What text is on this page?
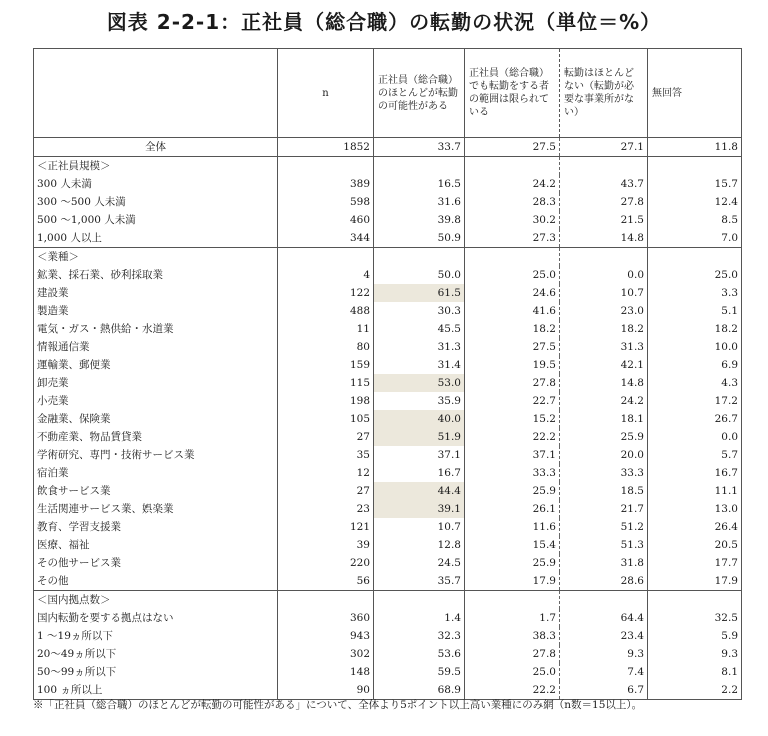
図表 2-2-1：正社員（総合職）の転勤の状況（単位＝%）
	n	正社員（総合職）のほとんどが転勤の可能性がある	正社員（総合職）でも転勤をする者の範囲は限られている	転勤はほとんどない（転勤が必要な事業所がない）	無回答
全体	1852	33.7	27.5	27.1	11.8
＜正社員規模＞					
300 人未満	389	16.5	24.2	43.7	15.7
300 ～500 人未満	598	31.6	28.3	27.8	12.4
500 ～1,000 人未満	460	39.8	30.2	21.5	8.5
1,000 人以上	344	50.9	27.3	14.8	7.0
＜業種＞					
鉱業、採石業、砂利採取業	4	50.0	25.0	0.0	25.0
建設業	122	61.5	24.6	10.7	3.3
製造業	488	30.3	41.6	23.0	5.1
電気・ガス・熱供給・水道業	11	45.5	18.2	18.2	18.2
情報通信業	80	31.3	27.5	31.3	10.0
運輸業、郵便業	159	31.4	19.5	42.1	6.9
卸売業	115	53.0	27.8	14.8	4.3
小売業	198	35.9	22.7	24.2	17.2
金融業、保険業	105	40.0	15.2	18.1	26.7
不動産業、物品賃貸業	27	51.9	22.2	25.9	0.0
学術研究、専門・技術サービス業	35	37.1	37.1	20.0	5.7
宿泊業	12	16.7	33.3	33.3	16.7
飲食サービス業	27	44.4	25.9	18.5	11.1
生活関連サービス業、娯楽業	23	39.1	26.1	21.7	13.0
教育、学習支援業	121	10.7	11.6	51.2	26.4
医療、福祉	39	12.8	15.4	51.3	20.5
その他サービス業	220	24.5	25.9	31.8	17.7
その他	56	35.7	17.9	28.6	17.9
＜国内拠点数＞					
国内転勤を要する拠点はない	360	1.4	1.7	64.4	32.5
1 ～19ヵ所以下	943	32.3	38.3	23.4	5.9
20～49ヵ所以下	302	53.6	27.8	9.3	9.3
50～99ヵ所以下	148	59.5	25.0	7.4	8.1
100 ヵ所以上	90	68.9	22.2	6.7	2.2
※「正社員（総合職）のほとんどが転勤の可能性がある」について、全体より5ポイント以上高い業種にのみ網（n数＝15以上）。
